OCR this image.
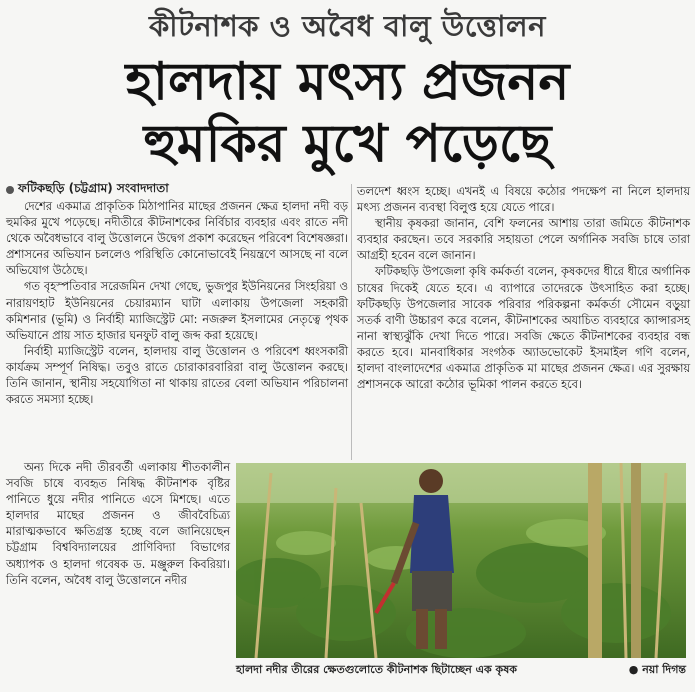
কীটনাশক ও অবৈধ বালু উত্তোলন
হালদায় মৎস্য প্রজনন
হুমকির মুখে পড়েছে
ফটিকছড়ি (চট্টগ্রাম) সংবাদদাতা

দেশের একমাত্র প্রাকৃতিক মিঠাপানির মাছের প্রজনন ক্ষেত্র হালদা নদী বড় হুমকির মুখে পড়েছে। নদীতীরে কীটনাশকের নির্বিচার ব্যবহার এবং রাতে নদী থেকে অবৈধভাবে বালু উত্তোলনে উদ্বেগ প্রকাশ করেছেন পরিবেশ বিশেষজ্ঞরা। প্রশাসনের অভিযান চললেও পরিস্থিতি কোনোভাবেই নিয়ন্ত্রণে আসছে না বলে অভিযোগ উঠেছে।

গত বৃহস্পতিবার সরেজমিন দেখা গেছে, ভুজপুর ইউনিয়নের সিংহরিয়া ও নারায়ণহাট ইউনিয়নের চেয়ারম্যান ঘাটা এলাকায় উপজেলা সহকারী কমিশনার (ভূমি) ও নির্বাহী ম্যাজিস্ট্রেট মো: নজরুল ইসলামের নেতৃত্বে পৃথক অভিযানে প্রায় সাত হাজার ঘনফুট বালু জব্দ করা হয়েছে।

নির্বাহী ম্যাজিস্ট্রেট বলেন, হালদায় বালু উত্তোলন ও পরিবেশ ধ্বংসকারী কার্যক্রম সম্পূর্ণ নিষিদ্ধ। তবুও রাতে চোরাকারবারিরা বালু উত্তোলন করছে। তিনি জানান, স্থানীয় সহযোগিতা না থাকায় রাতের বেলা অভিযান পরিচালনা করতে সমস্যা হচ্ছে।

অন্য দিকে নদী তীরবর্তী এলাকায় শীতকালীন সবজি চাষে ব্যবহৃত নিষিদ্ধ কীটনাশক বৃষ্টির পানিতে ধুয়ে নদীর পানিতে এসে মিশছে। এতে হালদার মাছের প্রজনন ও জীববৈচিত্র্য মারাত্মকভাবে ক্ষতিগ্রস্ত হচ্ছে বলে জানিয়েছেন চট্টগ্রাম বিশ্ববিদ্যালয়ের প্রাণিবিদ্যা বিভাগের অধ্যাপক ও হালদা গবেষক ড. মঞ্জুরুল কিবরিয়া। তিনি বলেন, অবৈধ বালু উত্তোলনে নদীর

তলদেশ ধ্বংস হচ্ছে। এখনই এ বিষয়ে কঠোর পদক্ষেপ না নিলে হালদায় মৎস্য প্রজনন ব্যবস্থা বিলুপ্ত হয়ে যেতে পারে।

স্থানীয় কৃষকরা জানান, বেশি ফলনের আশায় তারা জমিতে কীটনাশক ব্যবহার করছেন। তবে সরকারি সহায়তা পেলে অর্গানিক সবজি চাষে তারা আগ্রহী হবেন বলে জানান।

ফটিকছড়ি উপজেলা কৃষি কর্মকর্তা বলেন, কৃষকদের ধীরে ধীরে অর্গানিক চাষের দিকেই যেতে হবে। এ ব্যাপারে তাদেরকে উৎসাহিত করা হচ্ছে। ফটিকছড়ি উপজেলার সাবেক পরিবার পরিকল্পনা কর্মকর্তা সৌমেন বড়ুয়া সতর্ক বাণী উচ্চারণ করে বলেন, কীটনাশকের অযাচিত ব্যবহারে ক্যান্সারসহ নানা স্বাস্থ্যঝুঁকি দেখা দিতে পারে। সবজি ক্ষেতে কীটনাশকের ব্যবহার বন্ধ করতে হবে। মানবাধিকার সংগঠক অ্যাডভোকেট ইসমাইল গণি বলেন, হালদা বাংলাদেশের একমাত্র প্রাকৃতিক মা মাছের প্রজনন ক্ষেত্র। এর সুরক্ষায় প্রশাসনকে আরো কঠোর ভূমিকা পালন করতে হবে।

হালদা নদীর তীরের ক্ষেতগুলোতে কীটনাশক ছিটাচ্ছেন এক কৃষক	● নয়া দিগন্ত
